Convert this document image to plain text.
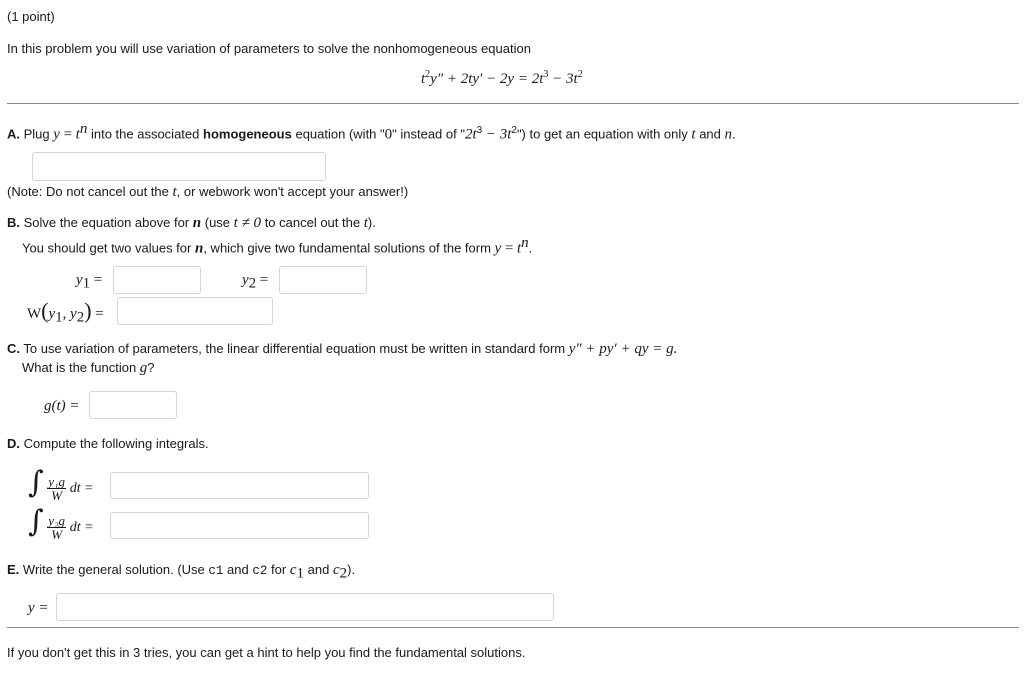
(1 point)
In this problem you will use variation of parameters to solve the nonhomogeneous equation
$t^2y'' + 2ty' - 2y = 2t^3 - 3t^2$
A. Plug $y = t^n$ into the associated homogeneous equation (with "0" instead of "$2t^3$ − $3t^2$") to get an equation with only t and n.
(Note: Do not cancel out the t, or webwork won't accept your answer!)
B. Solve the equation above for n (use t ≠ 0 to cancel out the t).
You should get two values for n, which give two fundamental solutions of the form $y = t^n$.
$y_1$ =	$y_2$ =
$W(y_1$, $y_2$) =
C. To use variation of parameters, the linear differential equation must be written in standard form y″ + py′ + qy = g.
What is the function g?
g(t) =
D. Compute the following integrals.
∫ $\frac{\text{y₁g}}{W}$ dt =
∫ $\frac{\text{y₂g}}{W}$ dt =
E. Write the general solution. (Use c1 and c2 for $c_1$ and $c_2$).
y =
If you don't get this in 3 tries, you can get a hint to help you find the fundamental solutions.
